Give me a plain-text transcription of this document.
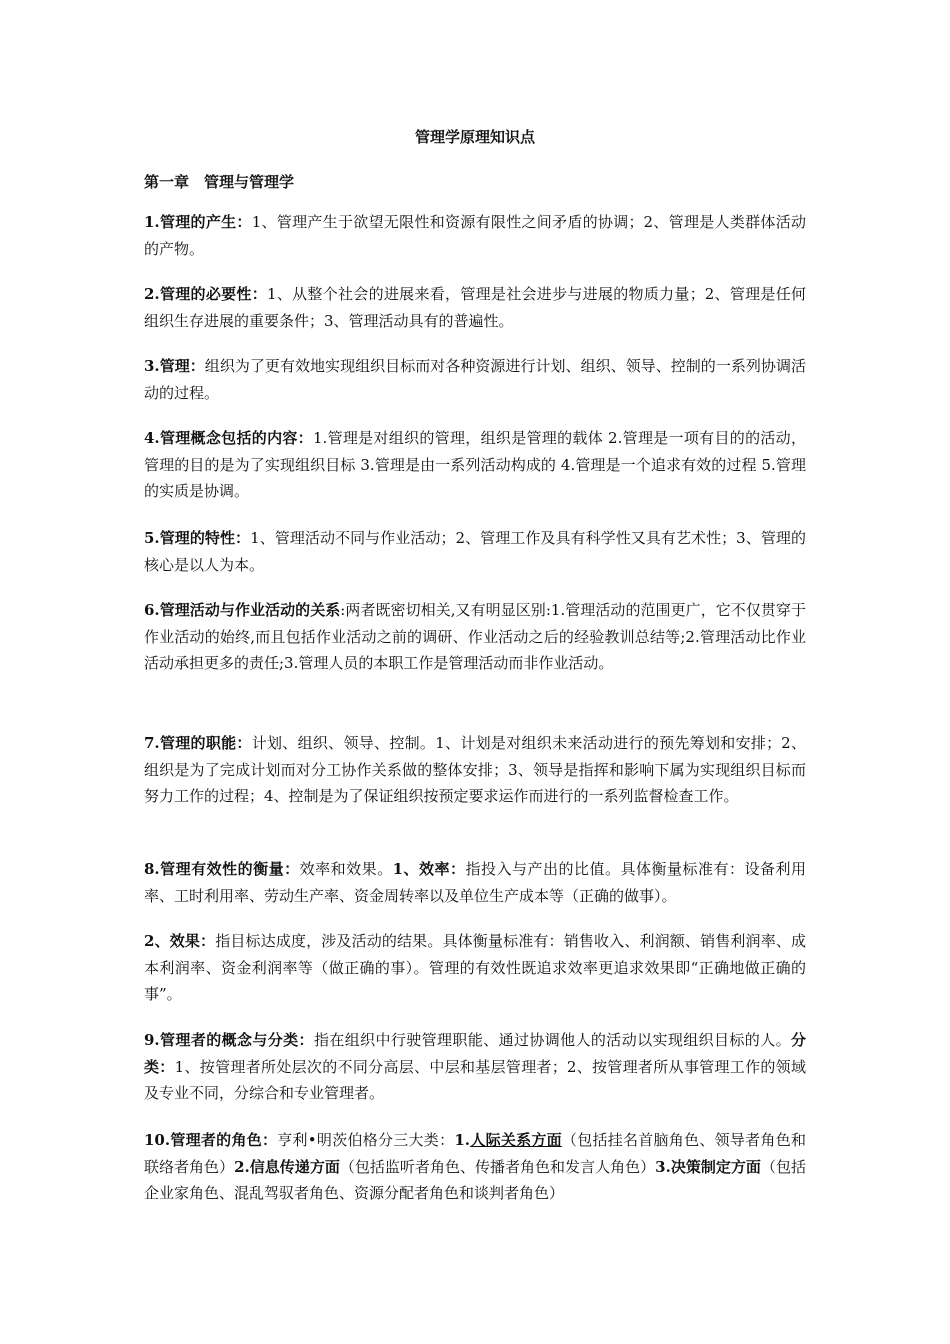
管理学原理知识点
第一章　管理与管理学
1.管理的产生：1、管理产生于欲望无限性和资源有限性之间矛盾的协调；2、管理是人类群体活动的产物。
2.管理的必要性：1、从整个社会的进展来看，管理是社会进步与进展的物质力量；2、管理是任何组织生存进展的重要条件；3、管理活动具有的普遍性。
3.管理：组织为了更有效地实现组织目标而对各种资源进行计划、组织、领导、控制的一系列协调活动的过程。
4.管理概念包括的内容：1.管理是对组织的管理，组织是管理的载体 2.管理是一项有目的的活动，管理的目的是为了实现组织目标 3.管理是由一系列活动构成的 4.管理是一个追求有效的过程 5.管理的实质是协调。
5.管理的特性：1、管理活动不同与作业活动；2、管理工作及具有科学性又具有艺术性；3、管理的核心是以人为本。
6.管理活动与作业活动的关系:两者既密切相关,又有明显区别:1.管理活动的范围更广，它不仅贯穿于作业活动的始终,而且包括作业活动之前的调研、作业活动之后的经验教训总结等;2.管理活动比作业活动承担更多的责任;3.管理人员的本职工作是管理活动而非作业活动。
7.管理的职能：计划、组织、领导、控制。1、计划是对组织未来活动进行的预先筹划和安排；2、组织是为了完成计划而对分工协作关系做的整体安排；3、领导是指挥和影响下属为实现组织目标而努力工作的过程；4、控制是为了保证组织按预定要求运作而进行的一系列监督检查工作。
8.管理有效性的衡量：效率和效果。1、效率：指投入与产出的比值。具体衡量标准有：设备利用率、工时利用率、劳动生产率、资金周转率以及单位生产成本等（正确的做事）。
2、效果：指目标达成度，涉及活动的结果。具体衡量标准有：销售收入、利润额、销售利润率、成本利润率、资金利润率等（做正确的事）。管理的有效性既追求效率更追求效果即“正确地做正确的事”。
9.管理者的概念与分类：指在组织中行驶管理职能、通过协调他人的活动以实现组织目标的人。分类：1、按管理者所处层次的不同分高层、中层和基层管理者；2、按管理者所从事管理工作的领域及专业不同，分综合和专业管理者。
10.管理者的角色：亨利•明茨伯格分三大类：1.人际关系方面（包括挂名首脑角色、领导者角色和联络者角色）2.信息传递方面（包括监听者角色、传播者角色和发言人角色）3.决策制定方面（包括企业家角色、混乱驾驭者角色、资源分配者角色和谈判者角色）
